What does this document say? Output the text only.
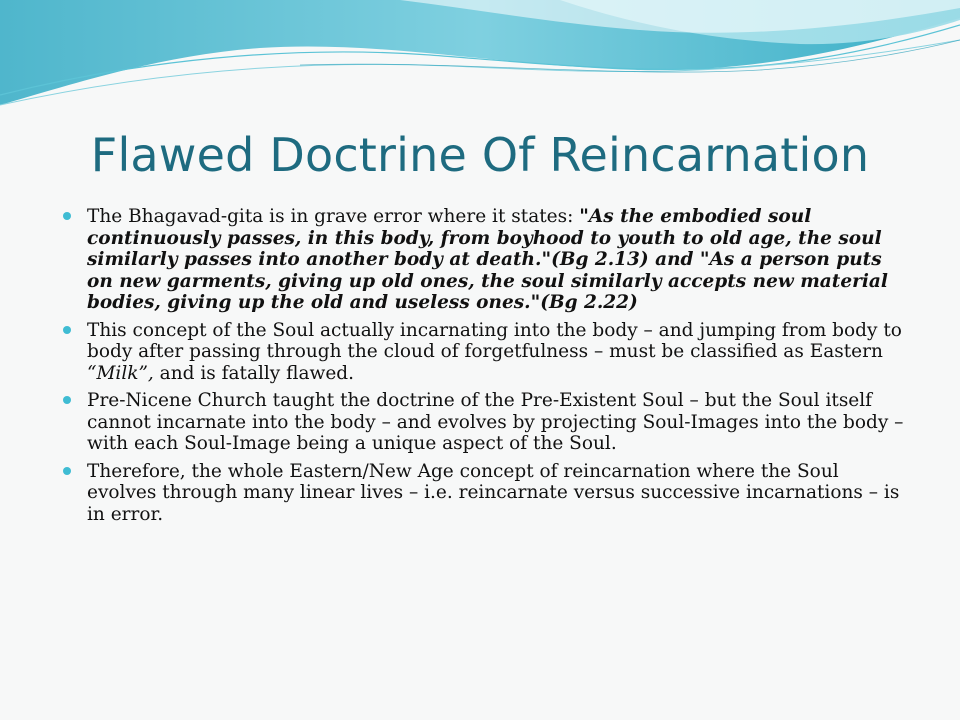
Flawed Doctrine Of Reincarnation
The Bhagavad-gita is in grave error where it states: "As the embodied soul continuously passes, in this body, from boyhood to youth to old age, the soul similarly passes into another body at death."(Bg 2.13) and "As a person puts on new garments, giving up old ones, the soul similarly accepts new material bodies, giving up the old and useless ones."(Bg 2.22)
This concept of the Soul actually incarnating into the body – and jumping from body to body after passing through the cloud of forgetfulness – must be classified as Eastern “Milk”, and is fatally flawed.
Pre-Nicene Church taught the doctrine of the Pre-Existent Soul – but the Soul itself cannot incarnate into the body – and evolves by projecting Soul-Images into the body – with each Soul-Image being a unique aspect of the Soul.
Therefore, the whole Eastern/New Age concept of reincarnation where the Soul evolves through many linear lives – i.e. reincarnate versus successive incarnations – is in error.
